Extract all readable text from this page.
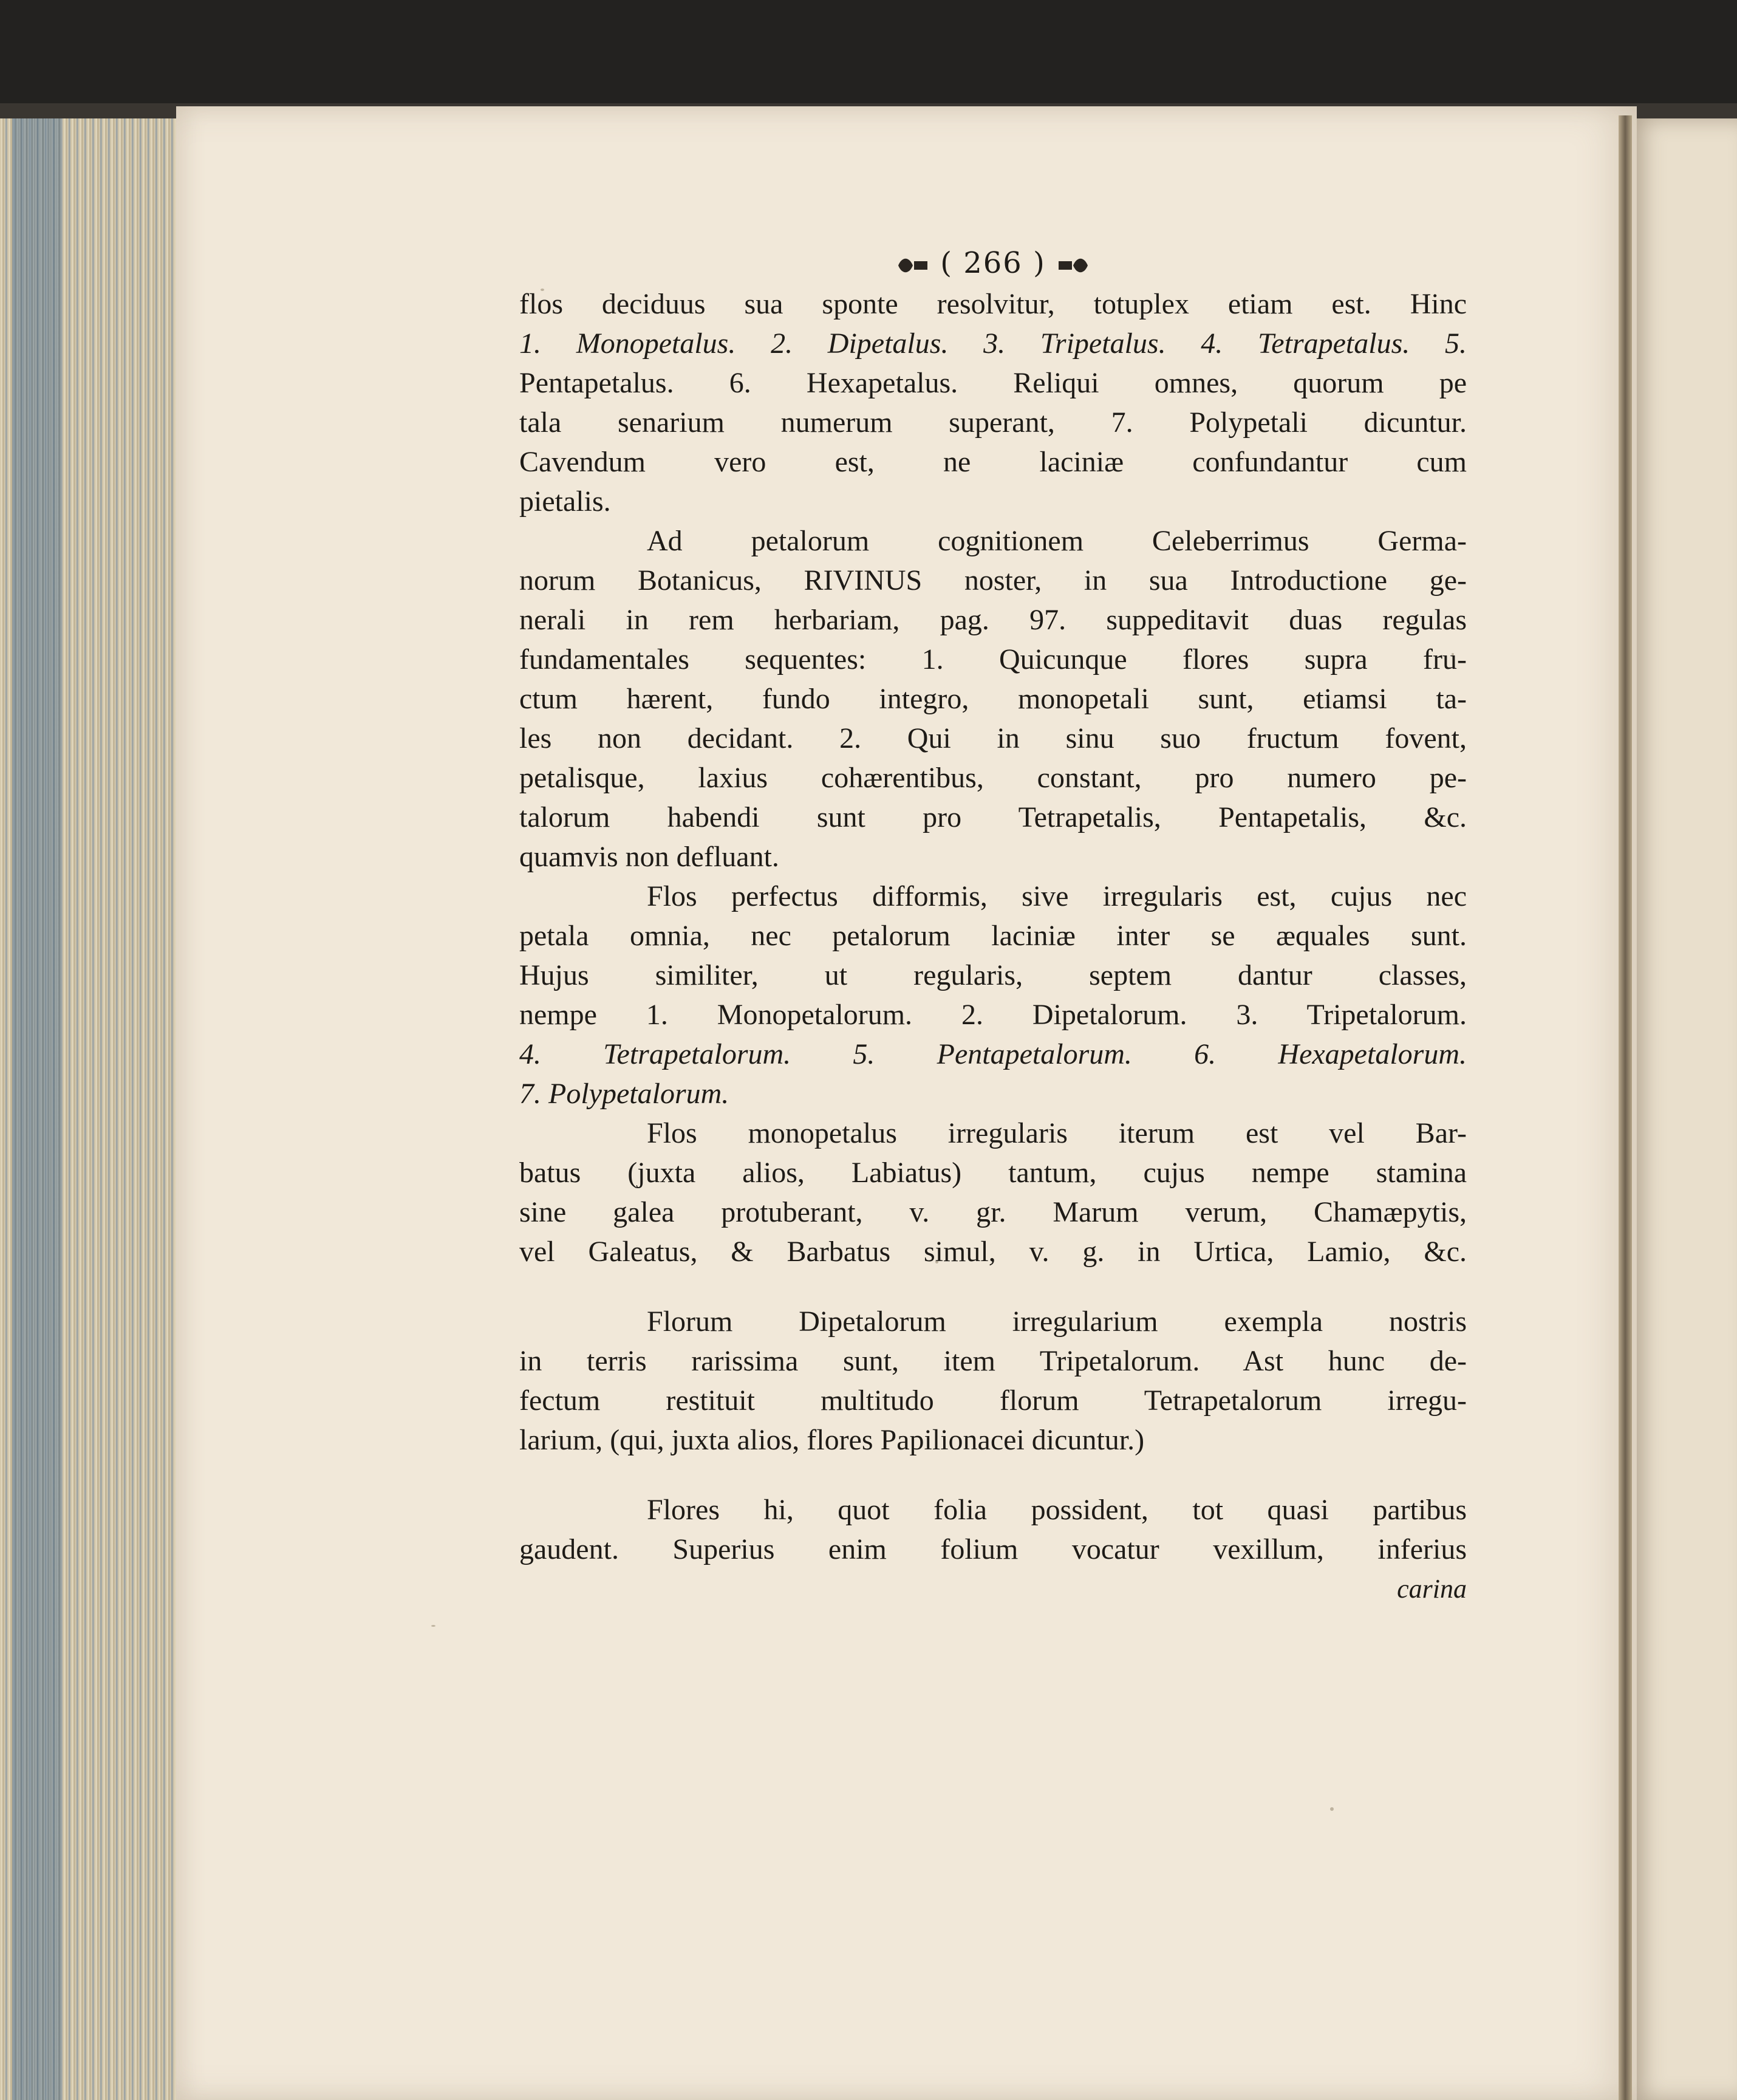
( 266 )
flos deciduus sua sponte resolvitur, totuplex etiam est. Hinc
1. Monopetalus. 2. Dipetalus. 3. Tripetalus. 4. Tetrapetalus. 5.
Pentapetalus. 6. Hexapetalus. Reliqui omnes, quorum pe
tala senarium numerum superant, 7. Polypetali dicuntur.
Cavendum vero est, ne laciniæ confundantur cum
pietalis.
Ad petalorum cognitionem Celeberrimus Germa-
norum Botanicus, RIVINUS noster, in sua Introductione ge-
nerali in rem herbariam, pag. 97. suppeditavit duas regulas
fundamentales sequentes: 1. Quicunque flores supra fru-
ctum hærent, fundo integro, monopetali sunt, etiamsi ta-
les non decidant. 2. Qui in sinu suo fructum fovent,
petalisque, laxius cohærentibus, constant, pro numero pe-
talorum habendi sunt pro Tetrapetalis, Pentapetalis, &c.
quamvis non defluant.
Flos perfectus difformis, sive irregularis est, cujus nec
petala omnia, nec petalorum laciniæ inter se æquales sunt.
Hujus similiter, ut regularis, septem dantur classes,
nempe 1. Monopetalorum. 2. Dipetalorum. 3. Tripetalorum.
4. Tetrapetalorum. 5. Pentapetalorum. 6. Hexapetalorum.
7. Polypetalorum.
Flos monopetalus irregularis iterum est vel Bar-
batus (juxta alios, Labiatus) tantum, cujus nempe stamina
sine galea protuberant, v. gr. Marum verum, Chamæpytis,
vel Galeatus, & Barbatus simul, v. g. in Urtica, Lamio, &c.
Florum Dipetalorum irregularium exempla nostris
in terris rarissima sunt, item Tripetalorum. Ast hunc de-
fectum restituit multitudo florum Tetrapetalorum irregu-
larium, (qui, juxta alios, flores Papilionacei dicuntur.)
Flores hi, quot folia possident, tot quasi partibus
gaudent. Superius enim folium vocatur vexillum, inferius
carina
